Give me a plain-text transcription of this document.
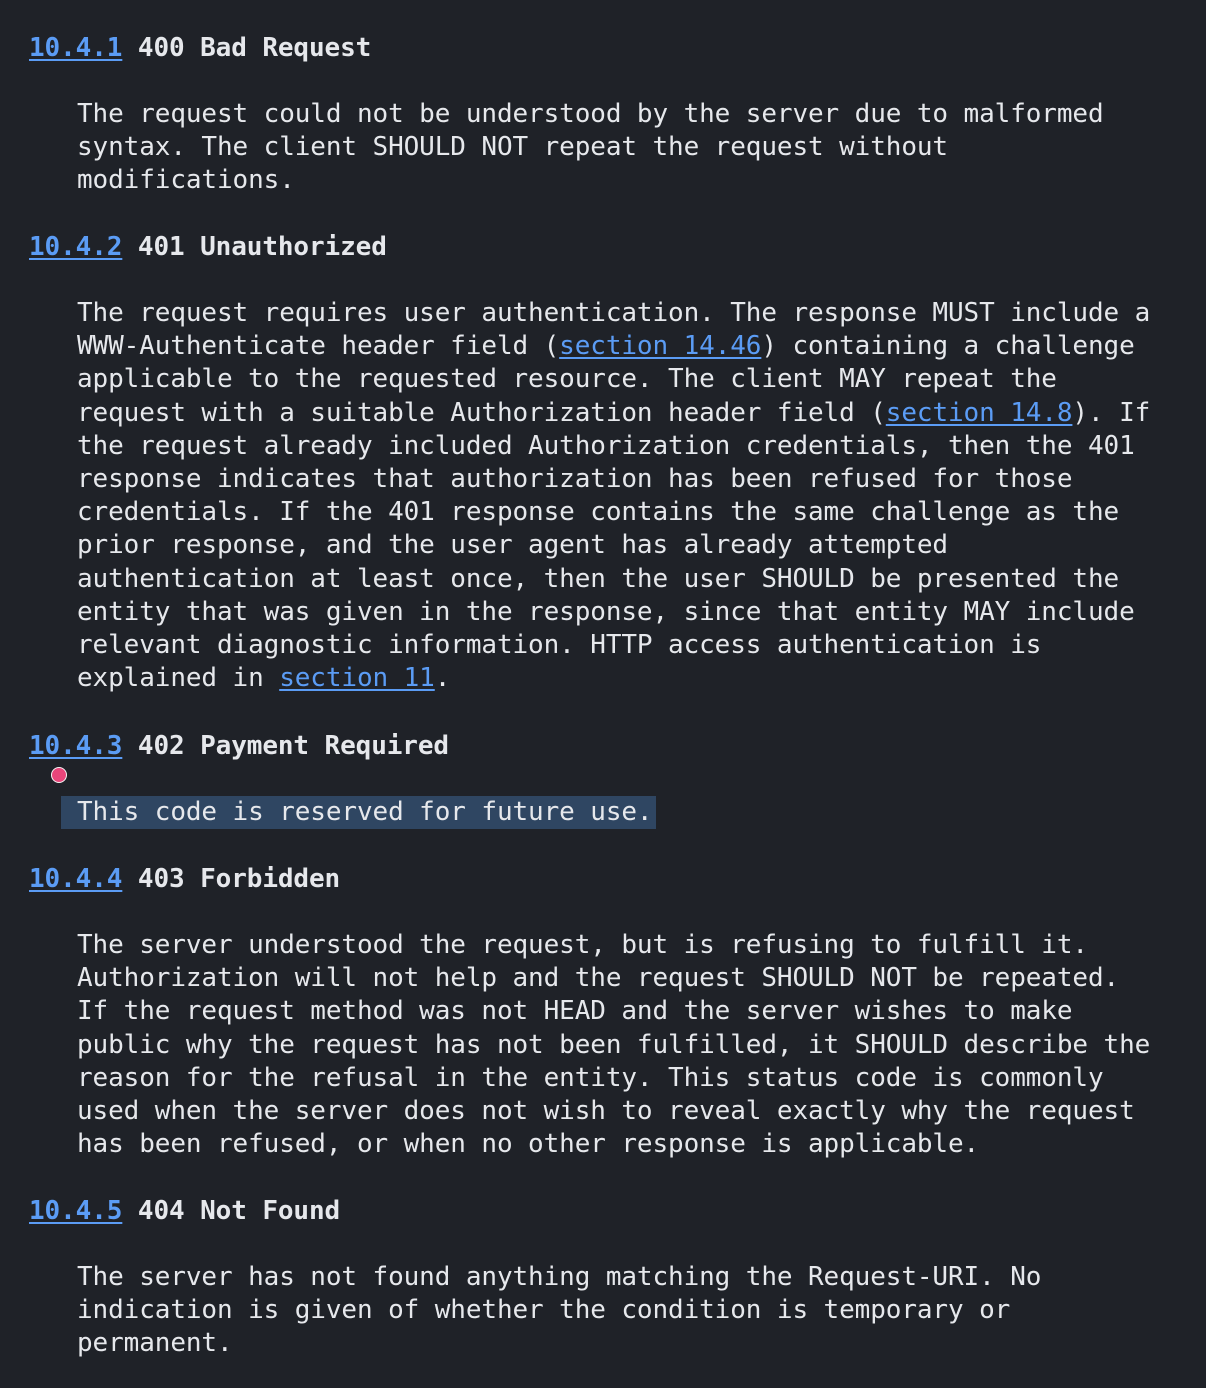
10.4.1 400 Bad Request
The request could not be understood by the server due to malformed
syntax. The client SHOULD NOT repeat the request without
modifications.
10.4.2 401 Unauthorized
The request requires user authentication. The response MUST include a
WWW-Authenticate header field (section 14.46) containing a challenge
applicable to the requested resource. The client MAY repeat the
request with a suitable Authorization header field (section 14.8). If
the request already included Authorization credentials, then the 401
response indicates that authorization has been refused for those
credentials. If the 401 response contains the same challenge as the
prior response, and the user agent has already attempted
authentication at least once, then the user SHOULD be presented the
entity that was given in the response, since that entity MAY include
relevant diagnostic information. HTTP access authentication is
explained in section 11.
10.4.3 402 Payment Required
This code is reserved for future use.
10.4.4 403 Forbidden
The server understood the request, but is refusing to fulfill it.
Authorization will not help and the request SHOULD NOT be repeated.
If the request method was not HEAD and the server wishes to make
public why the request has not been fulfilled, it SHOULD describe the
reason for the refusal in the entity. This status code is commonly
used when the server does not wish to reveal exactly why the request
has been refused, or when no other response is applicable.
10.4.5 404 Not Found
The server has not found anything matching the Request-URI. No
indication is given of whether the condition is temporary or
permanent.
